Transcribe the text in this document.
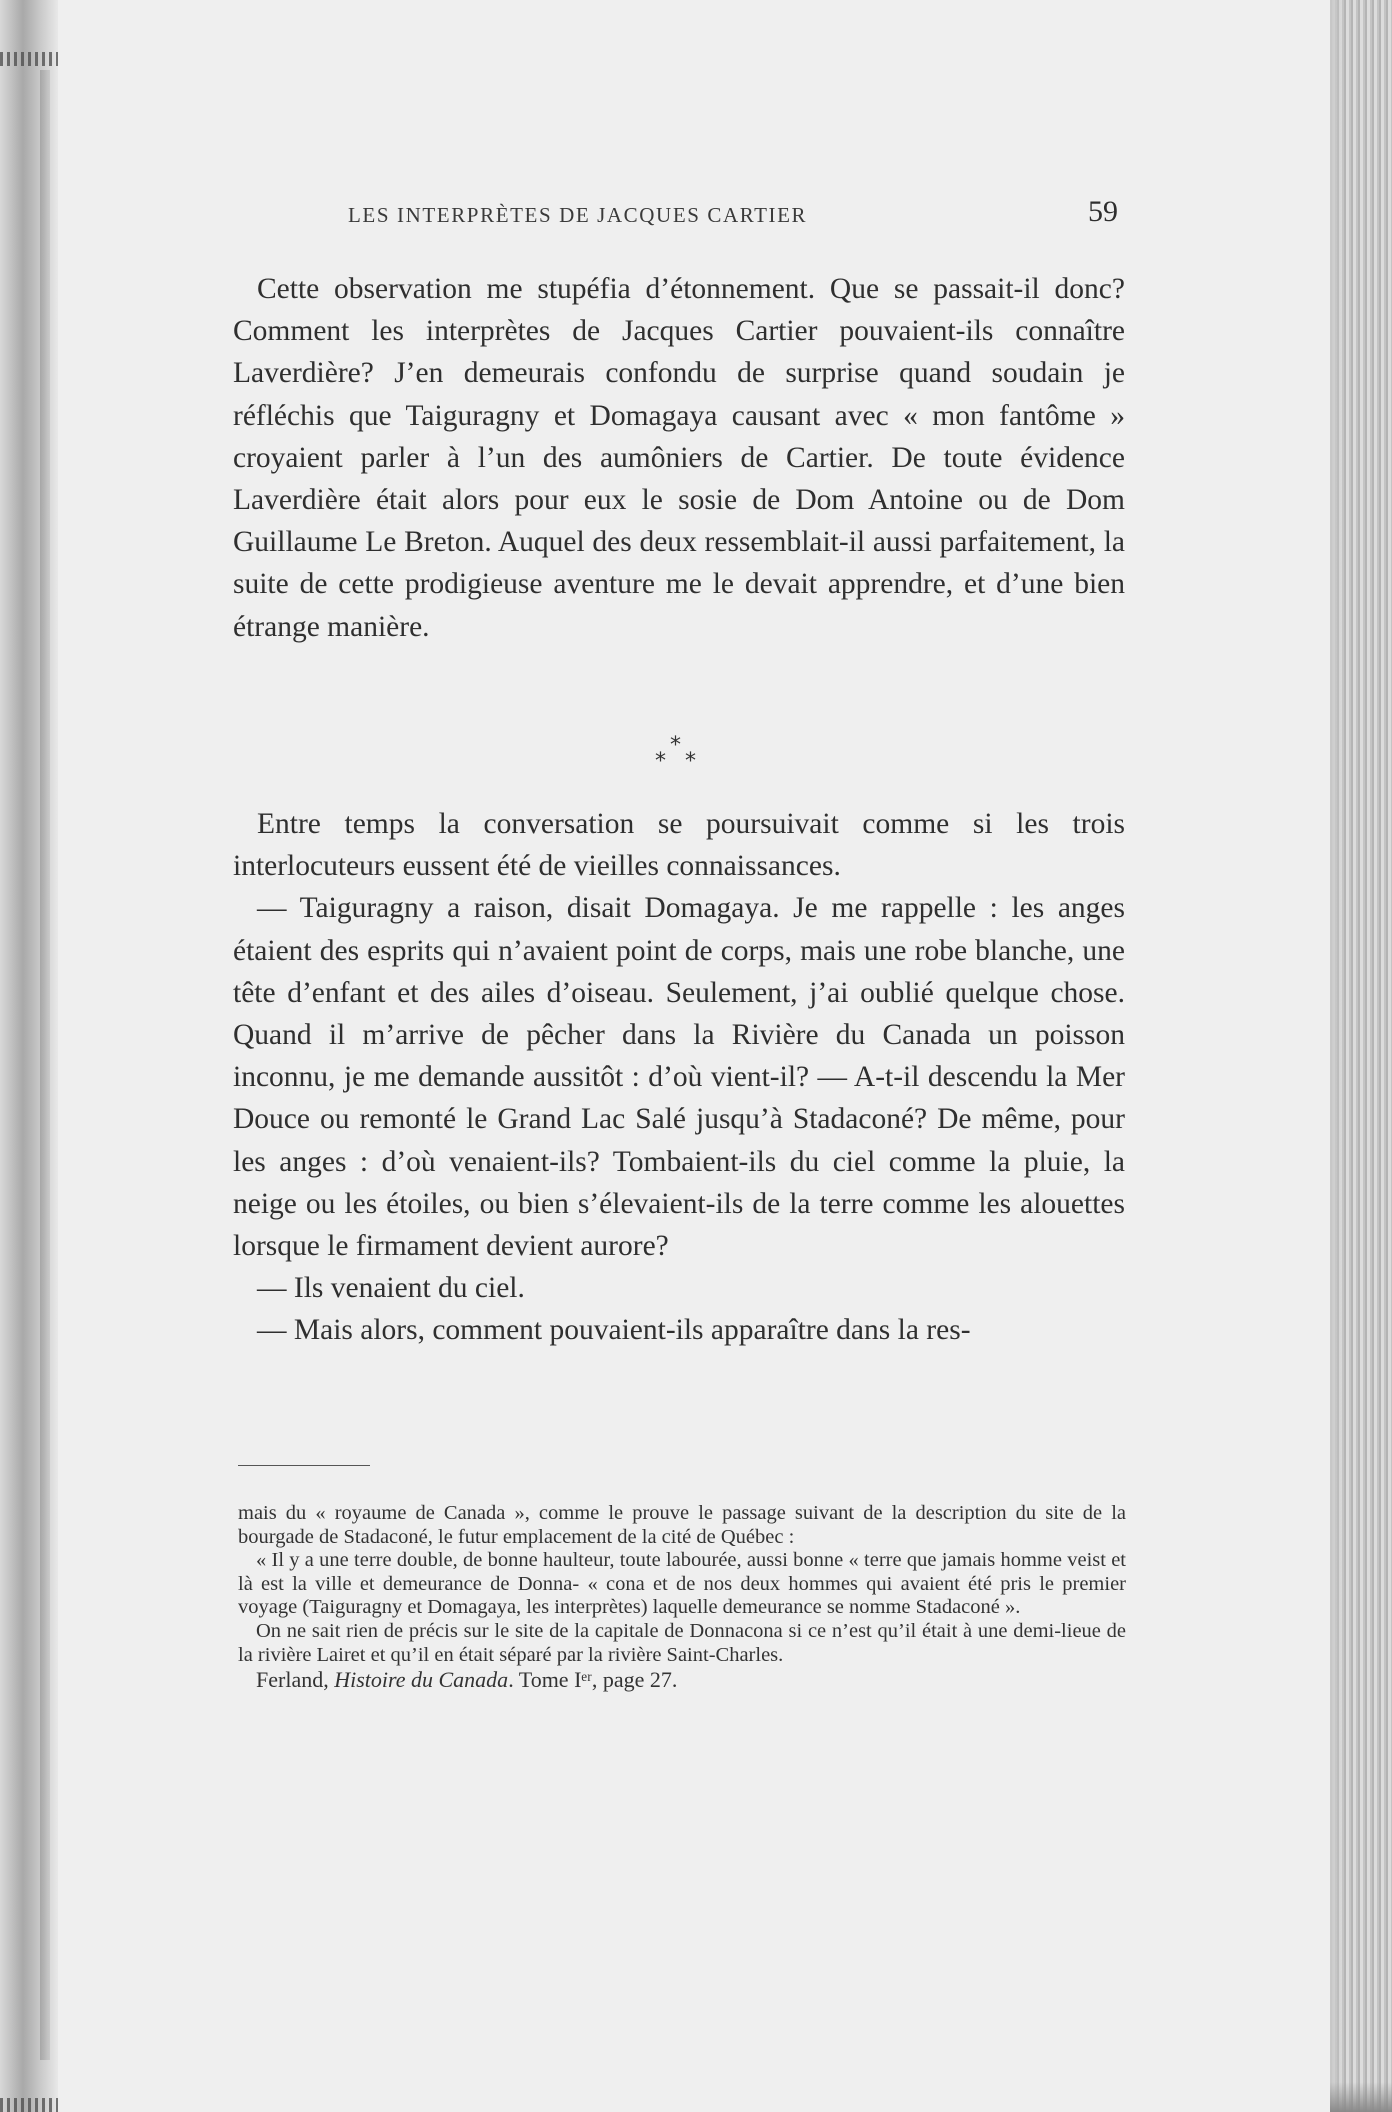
LES INTERPRÈTES DE JACQUES CARTIER	59

Cette observation me stupéfia d’étonnement. Que se passait-il donc? Comment les interprètes de Jacques Cartier pouvaient-ils connaître Laverdière? J’en demeurais confondu de surprise quand soudain je réfléchis que Taiguragny et Domagaya causant avec « mon fantôme » croyaient parler à l’un des aumôniers de Cartier. De toute évidence Laverdière était alors pour eux le sosie de Dom Antoine ou de Dom Guillaume Le Breton. Auquel des deux ressemblait-il aussi parfaitement, la suite de cette prodigieuse aventure me le devait apprendre, et d’une bien étrange manière.

*
* *

Entre temps la conversation se poursuivait comme si les trois interlocuteurs eussent été de vieilles connaissances.

— Taiguragny a raison, disait Domagaya. Je me rappelle : les anges étaient des esprits qui n’avaient point de corps, mais une robe blanche, une tête d’enfant et des ailes d’oiseau. Seulement, j’ai oublié quelque chose. Quand il m’arrive de pêcher dans la Rivière du Canada un poisson inconnu, je me demande aussitôt : d’où vient-il? — A-t-il descendu la Mer Douce ou remonté le Grand Lac Salé jusqu’à Stadaconé? De même, pour les anges : d’où venaient-ils? Tombaient-ils du ciel comme la pluie, la neige ou les étoiles, ou bien s’élevaient-ils de la terre comme les alouettes lorsque le firmament devient aurore?

— Ils venaient du ciel.

— Mais alors, comment pouvaient-ils apparaître dans la res-

mais du « royaume de Canada », comme le prouve le passage suivant de la description du site de la bourgade de Stadaconé, le futur emplacement de la cité de Québec :

« Il y a une terre double, de bonne haulteur, toute labourée, aussi bonne « terre que jamais homme veist et là est la ville et demeurance de Donna- « cona et de nos deux hommes qui avaient été pris le premier voyage (Taiguragny et Domagaya, les interprètes) laquelle demeurance se nomme Stadaconé ».

On ne sait rien de précis sur le site de la capitale de Donnacona si ce n’est qu’il était à une demi-lieue de la rivière Lairet et qu’il en était séparé par la rivière Saint-Charles.

Ferland, Histoire du Canada. Tome Iᵉʳ, page 27.
